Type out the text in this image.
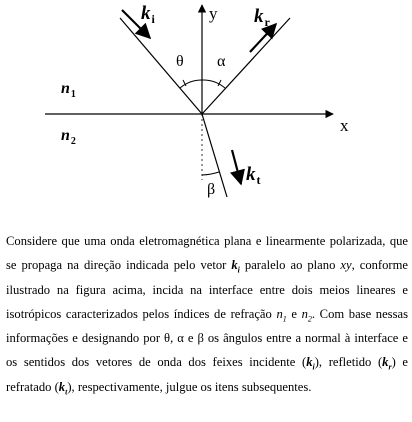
$k_i$	$k_r$
$k_t$
y
x
θ α
β
$n_1$
$n_2$
Considere que uma onda eletromagnética plana e linearmente polarizada, que se propaga na direção indicada pelo vetor $k_i$ paralelo ao plano xy, conforme ilustrado na figura acima, incida na interface entre dois meios lineares e isotrópicos caracterizados pelos índices de refração $n_1$ e $n_2$. Com base nessas informações e designando por θ, α e β os ângulos entre a normal à interface e os sentidos dos vetores de onda dos feixes incidente $(k_i)$, refletido $(k_r)$ e refratado $(k_t)$, respectivamente, julgue os itens subsequentes.
